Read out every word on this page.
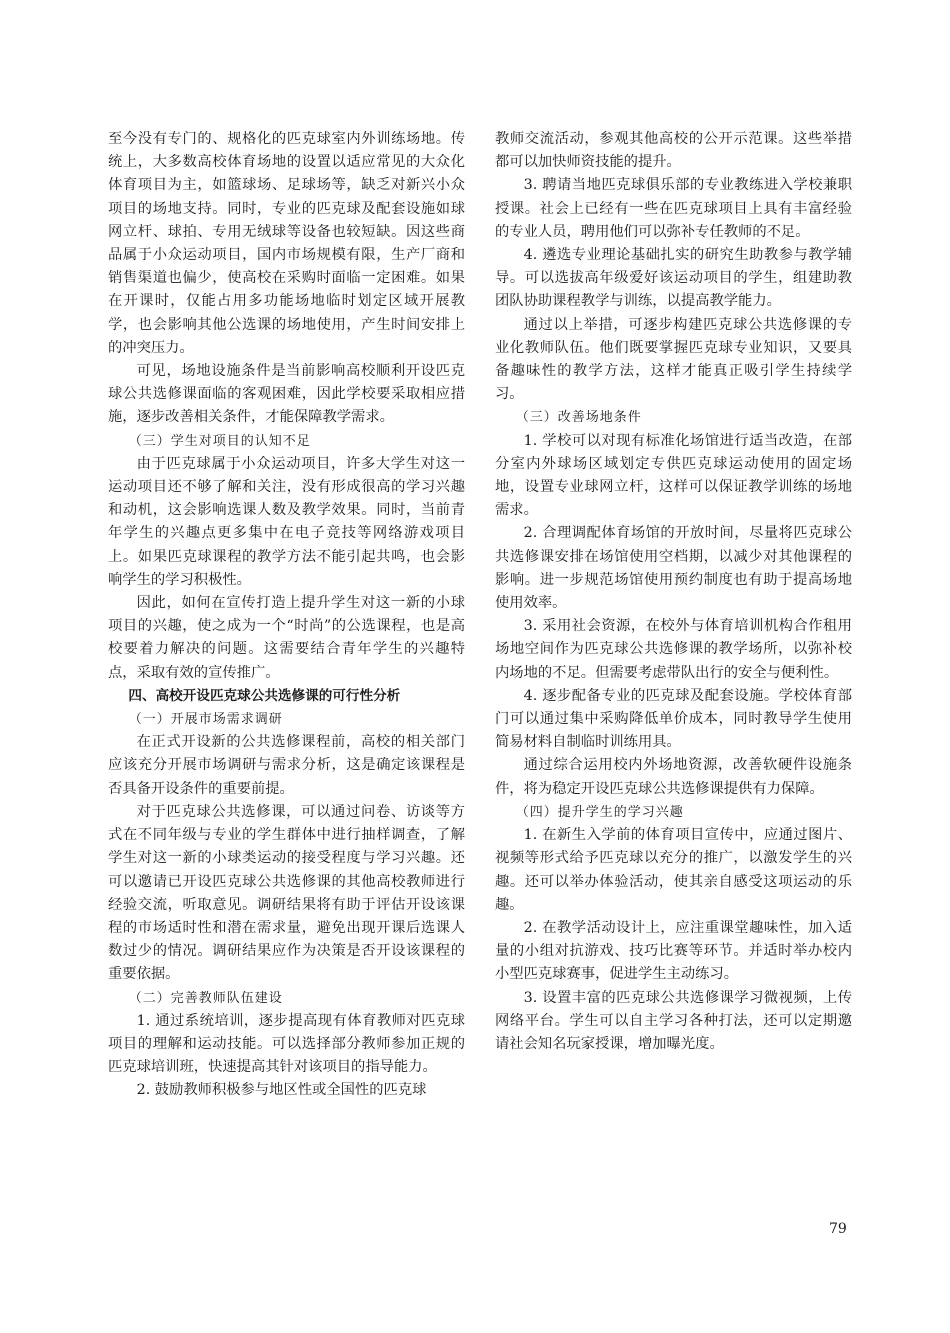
至今没有专门的、规格化的匹克球室内外训练场地。传统上，大多数高校体育场地的设置以适应常见的大众化体育项目为主，如篮球场、足球场等，缺乏对新兴小众项目的场地支持。同时，专业的匹克球及配套设施如球网立杆、球拍、专用无绒球等设备也较短缺。因这些商品属于小众运动项目，国内市场规模有限，生产厂商和销售渠道也偏少，使高校在采购时面临一定困难。如果在开课时，仅能占用多功能场地临时划定区域开展教学，也会影响其他公选课的场地使用，产生时间安排上的冲突压力。

可见，场地设施条件是当前影响高校顺利开设匹克球公共选修课面临的客观困难，因此学校要采取相应措施，逐步改善相关条件，才能保障教学需求。

（三）学生对项目的认知不足

由于匹克球属于小众运动项目，许多大学生对这一运动项目还不够了解和关注，没有形成很高的学习兴趣和动机，这会影响选课人数及教学效果。同时，当前青年学生的兴趣点更多集中在电子竞技等网络游戏项目上。如果匹克球课程的教学方法不能引起共鸣，也会影响学生的学习积极性。

因此，如何在宣传打造上提升学生对这一新的小球项目的兴趣，使之成为一个“时尚”的公选课程，也是高校要着力解决的问题。这需要结合青年学生的兴趣特点，采取有效的宣传推广。

四、高校开设匹克球公共选修课的可行性分析

（一）开展市场需求调研

在正式开设新的公共选修课程前，高校的相关部门应该充分开展市场调研与需求分析，这是确定该课程是否具备开设条件的重要前提。

对于匹克球公共选修课，可以通过问卷、访谈等方式在不同年级与专业的学生群体中进行抽样调查，了解学生对这一新的小球类运动的接受程度与学习兴趣。还可以邀请已开设匹克球公共选修课的其他高校教师进行经验交流，听取意见。调研结果将有助于评估开设该课程的市场适时性和潜在需求量，避免出现开课后选课人数过少的情况。调研结果应作为决策是否开设该课程的重要依据。

（二）完善教师队伍建设

1. 通过系统培训，逐步提高现有体育教师对匹克球项目的理解和运动技能。可以选择部分教师参加正规的匹克球培训班，快速提高其针对该项目的指导能力。

2. 鼓励教师积极参与地区性或全国性的匹克球

教师交流活动，参观其他高校的公开示范课。这些举措都可以加快师资技能的提升。

3. 聘请当地匹克球俱乐部的专业教练进入学校兼职授课。社会上已经有一些在匹克球项目上具有丰富经验的专业人员，聘用他们可以弥补专任教师的不足。

4. 遴选专业理论基础扎实的研究生助教参与教学辅导。可以选拔高年级爱好该运动项目的学生，组建助教团队协助课程教学与训练，以提高教学能力。

通过以上举措，可逐步构建匹克球公共选修课的专业化教师队伍。他们既要掌握匹克球专业知识，又要具备趣味性的教学方法，这样才能真正吸引学生持续学习。

（三）改善场地条件

1. 学校可以对现有标准化场馆进行适当改造，在部分室内外球场区域划定专供匹克球运动使用的固定场地，设置专业球网立杆，这样可以保证教学训练的场地需求。

2. 合理调配体育场馆的开放时间，尽量将匹克球公共选修课安排在场馆使用空档期，以减少对其他课程的影响。进一步规范场馆使用预约制度也有助于提高场地使用效率。

3. 采用社会资源，在校外与体育培训机构合作租用场地空间作为匹克球公共选修课的教学场所，以弥补校内场地的不足。但需要考虑带队出行的安全与便利性。

4. 逐步配备专业的匹克球及配套设施。学校体育部门可以通过集中采购降低单价成本，同时教导学生使用简易材料自制临时训练用具。

通过综合运用校内外场地资源，改善软硬件设施条件，将为稳定开设匹克球公共选修课提供有力保障。

（四）提升学生的学习兴趣

1. 在新生入学前的体育项目宣传中，应通过图片、视频等形式给予匹克球以充分的推广，以激发学生的兴趣。还可以举办体验活动，使其亲自感受这项运动的乐趣。

2. 在教学活动设计上，应注重课堂趣味性，加入适量的小组对抗游戏、技巧比赛等环节。并适时举办校内小型匹克球赛事，促进学生主动练习。

3. 设置丰富的匹克球公共选修课学习微视频，上传网络平台。学生可以自主学习各种打法，还可以定期邀请社会知名玩家授课，增加曝光度。

79
